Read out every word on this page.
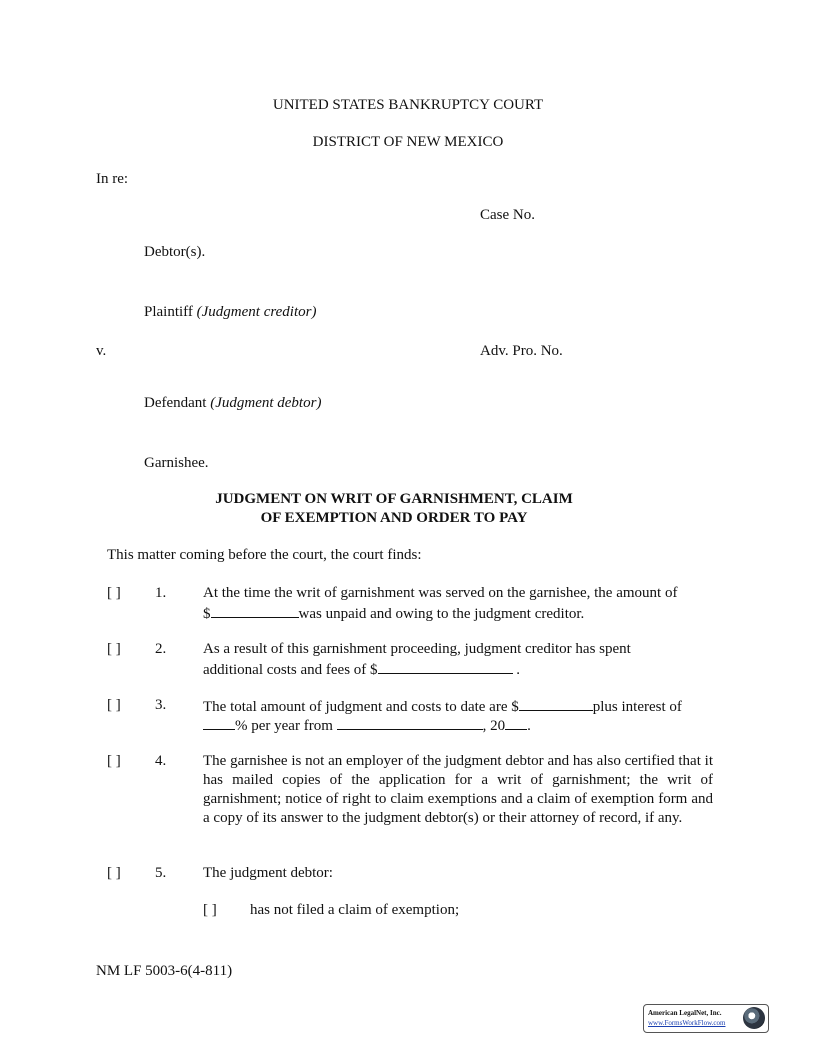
UNITED STATES BANKRUPTCY COURT
DISTRICT OF NEW MEXICO
In re:
Case No.
Debtor(s).
Plaintiff (Judgment creditor)
v.	Adv. Pro. No.
Defendant (Judgment debtor)
Garnishee.
JUDGMENT ON WRIT OF GARNISHMENT, CLAIM
OF EXEMPTION AND ORDER TO PAY
This matter coming before the court, the court finds:
[ ] 1. At the time the writ of garnishment was served on the garnishee, the amount of
$	was unpaid and owing to the judgment creditor.
[ ] 2. As a result of this garnishment proceeding, judgment creditor has spent
additional costs and fees of $	.
[ ] 3. The total amount of judgment and costs to date are $	plus interest of
% per year from	, 20 .
[ ] 4. The garnishee is not an employer of the judgment debtor and has also certified that it has mailed copies of the application for a writ of garnishment; the writ of garnishment; notice of right to claim exemptions and a claim of exemption form and a copy of its answer to the judgment debtor(s) or their attorney of record, if any.
[ ] 5. The judgment debtor:
[ ] has not filed a claim of exemption;
NM LF 5003-6(4-811)
American LegalNet, Inc.
www.FormsWorkFlow.com
